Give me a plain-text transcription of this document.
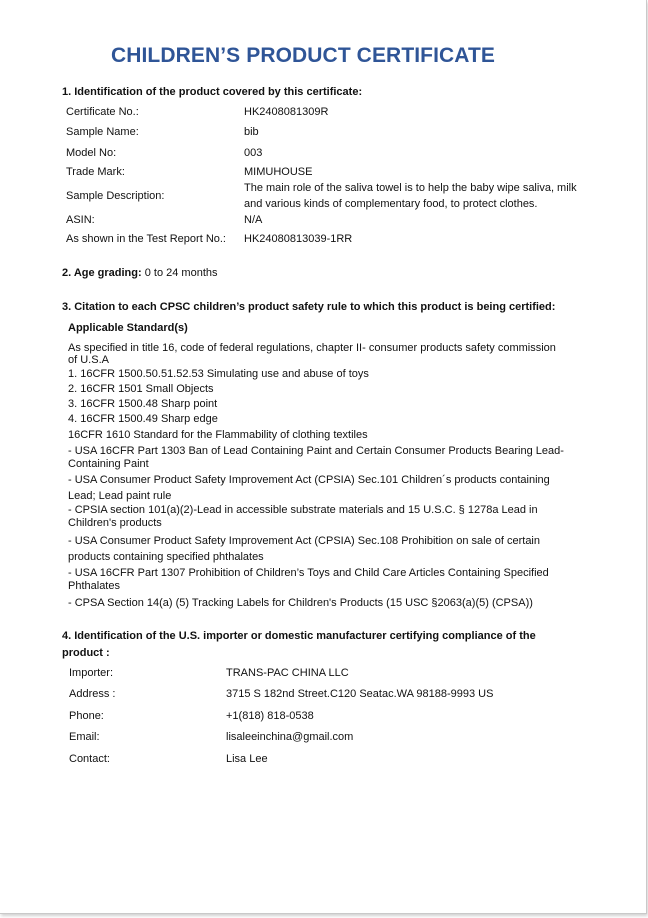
CHILDREN’S PRODUCT CERTIFICATE
1. Identification of the product covered by this certificate:
Certificate No.:	HK2408081309R
Sample Name:	bib
Model No:	003
Trade Mark:	MIMUHOUSE
Sample Description:
The main role of the saliva towel is to help the baby wipe saliva, milk
and various kinds of complementary food, to protect clothes.
ASIN:	N/A
As shown in the Test Report No.: HK24080813039-1RR
2. Age grading: 0 to 24 months
3. Citation to each CPSC children’s product safety rule to which this product is being certified:
Applicable Standard(s)
As specified in title 16, code of federal regulations, chapter II- consumer products safety commission
of U.S.A
1. 16CFR 1500.50.51.52.53 Simulating use and abuse of toys
2. 16CFR 1501 Small Objects
3. 16CFR 1500.48 Sharp point
4. 16CFR 1500.49 Sharp edge
16CFR 1610 Standard for the Flammability of clothing textiles
- USA 16CFR Part 1303 Ban of Lead Containing Paint and Certain Consumer Products Bearing Lead-
Containing Paint
- USA Consumer Product Safety Improvement Act (CPSIA) Sec.101 Children´s products containing
Lead; Lead paint rule
- CPSIA section 101(a)(2)-Lead in accessible substrate materials and 15 U.S.C. § 1278a Lead in
Children's products
- USA Consumer Product Safety Improvement Act (CPSIA) Sec.108 Prohibition on sale of certain
products containing specified phthalates
- USA 16CFR Part 1307 Prohibition of Children’s Toys and Child Care Articles Containing Specified
Phthalates
- CPSA Section 14(a) (5) Tracking Labels for Children's Products (15 USC §2063(a)(5) (CPSA))
4. Identification of the U.S. importer or domestic manufacturer certifying compliance of the
product :
Importer:	TRANS-PAC CHINA LLC
Address :	3715 S 182nd Street.C120 Seatac.WA 98188-9993 US
Phone:	+1(818) 818-0538
Email:	lisaleeinchina@gmail.com
Contact:	Lisa Lee
